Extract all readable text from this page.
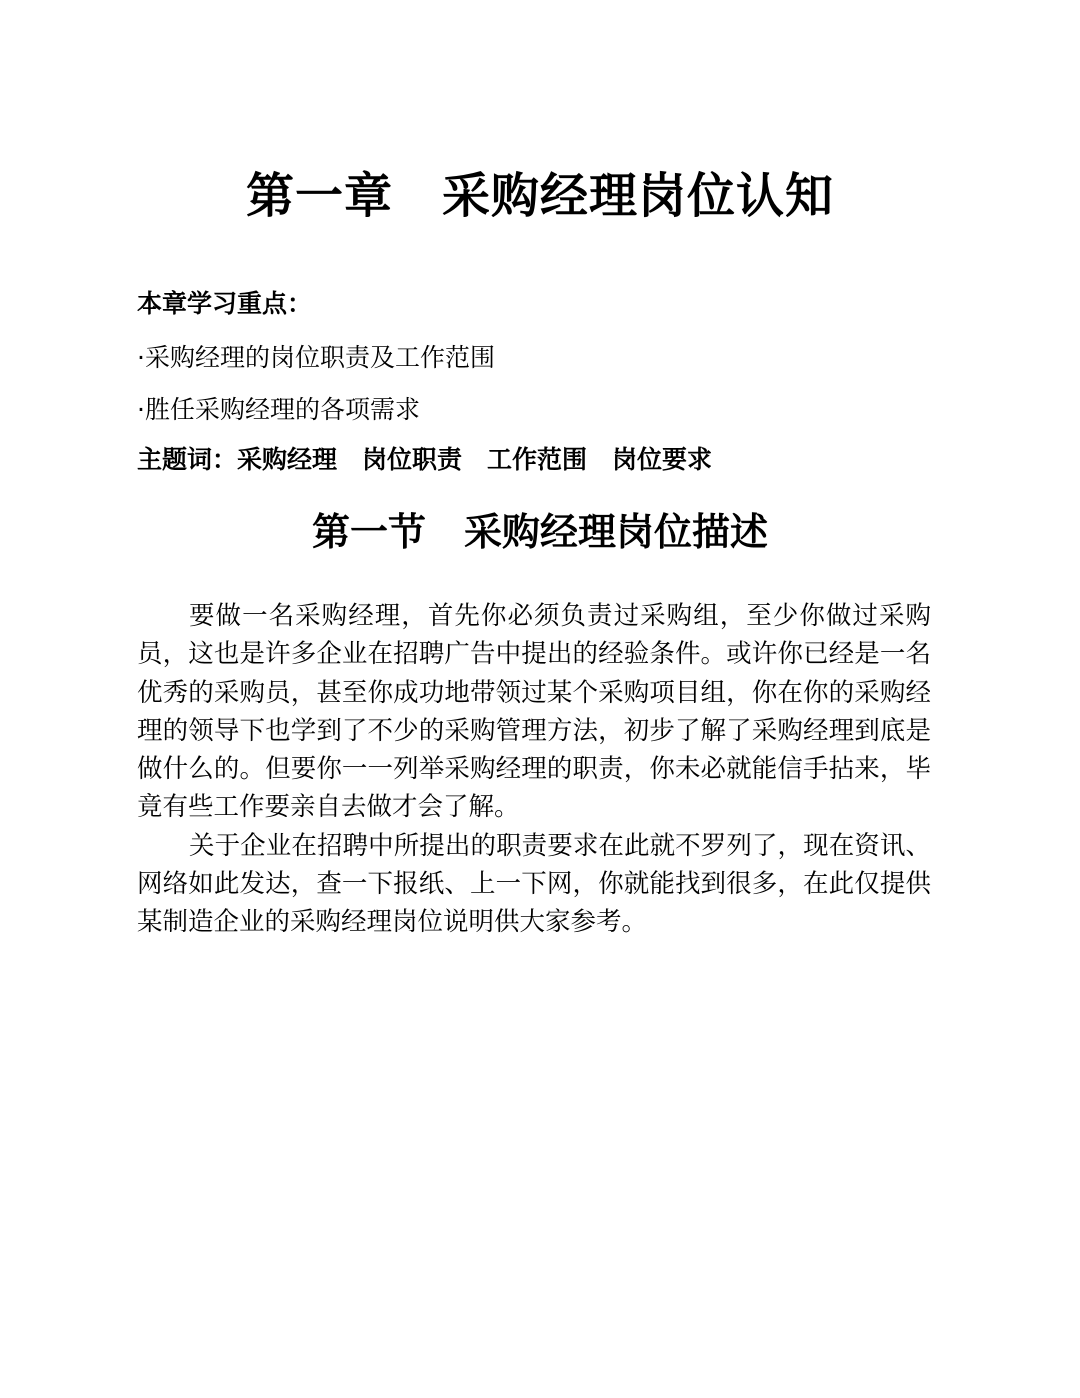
第一章　采购经理岗位认知
本章学习重点：
·采购经理的岗位职责及工作范围
·胜任采购经理的各项需求
主题词：采购经理　岗位职责　工作范围　岗位要求
第一节　采购经理岗位描述

要做一名采购经理，首先你必须负责过采购组，至少你做过采购员，这也是许多企业在招聘广告中提出的经验条件。或许你已经是一名优秀的采购员，甚至你成功地带领过某个采购项目组，你在你的采购经理的领导下也学到了不少的采购管理方法，初步了解了采购经理到底是做什么的。但要你一一列举采购经理的职责，你未必就能信手拈来，毕竟有些工作要亲自去做才会了解。

关于企业在招聘中所提出的职责要求在此就不罗列了，现在资讯、网络如此发达，查一下报纸、上一下网，你就能找到很多，在此仅提供某制造企业的采购经理岗位说明供大家参考。
